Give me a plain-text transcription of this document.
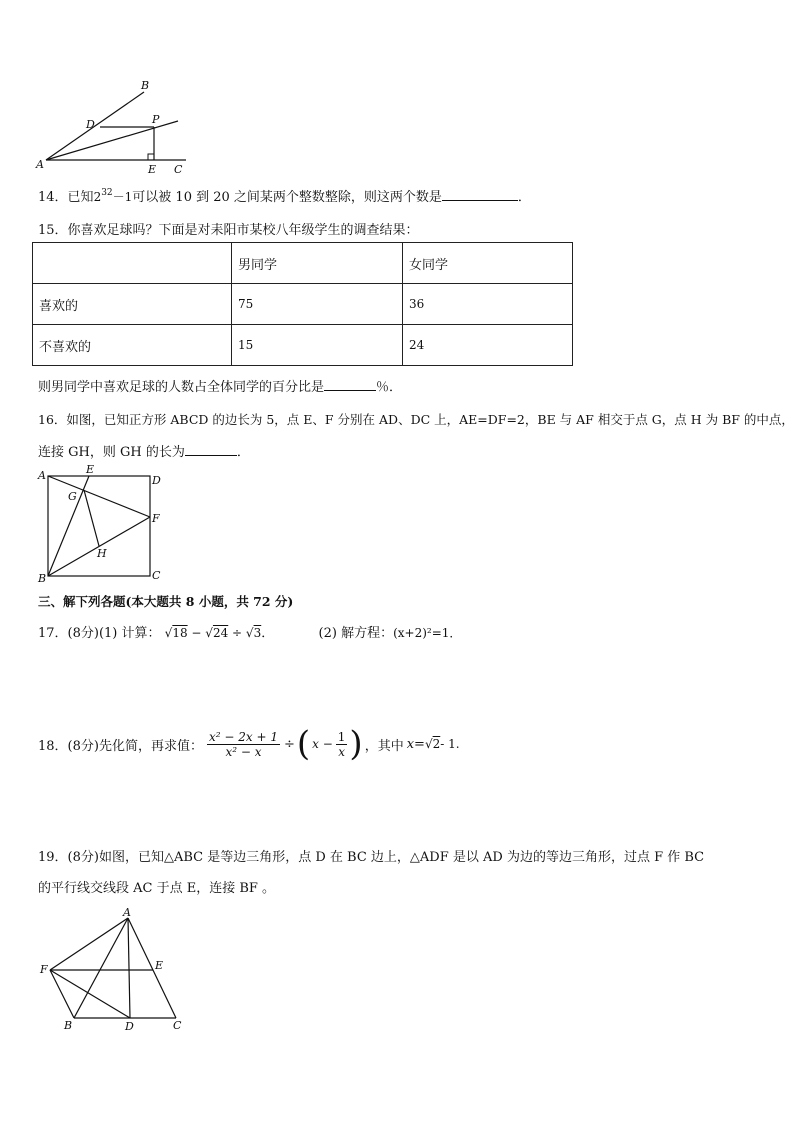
A
B
D	P
E C
14．已知$2^{32}-1$可以被 10 到 20 之间某两个整数整除，则这两个数是	．
15．你喜欢足球吗？下面是对耒阳市某校八年级学生的调查结果：
	男同学	女同学
喜欢的	75	36
不喜欢的	15	24
则男同学中喜欢足球的人数占全体同学的百分比是	％．
16．如图，已知正方形 ABCD 的边长为 5，点 E、F 分别在 AD、DC 上，AE=DF=2，BE 与 AF 相交于点 G，点 H 为 BF 的中点，
连接 GH，则 GH 的长为	．
A	E
D
G
F
H
B	C
三、解下列各题(本大题共 8 小题，共 72 分)
17．(8分)(1) 计算： √18 − √24 ÷ √3．	(2) 解方程：(x+2)²=1．
18． (8分) 先化简，再求值： $\frac{\text{x² − 2x + 1}}{\text{x² − x}}$ ÷ ( $x - \frac{1}{x}$ ) ，其中 x = √2 - 1.
19．(8分)如图，已知△ABC 是等边三角形，点 D 在 BC 边上，△ADF 是以 AD 为边的等边三角形，过点 F 作 BC
的平行线交线段 AC 于点 E，连接 BF 。
A
F	E
B	D	C
